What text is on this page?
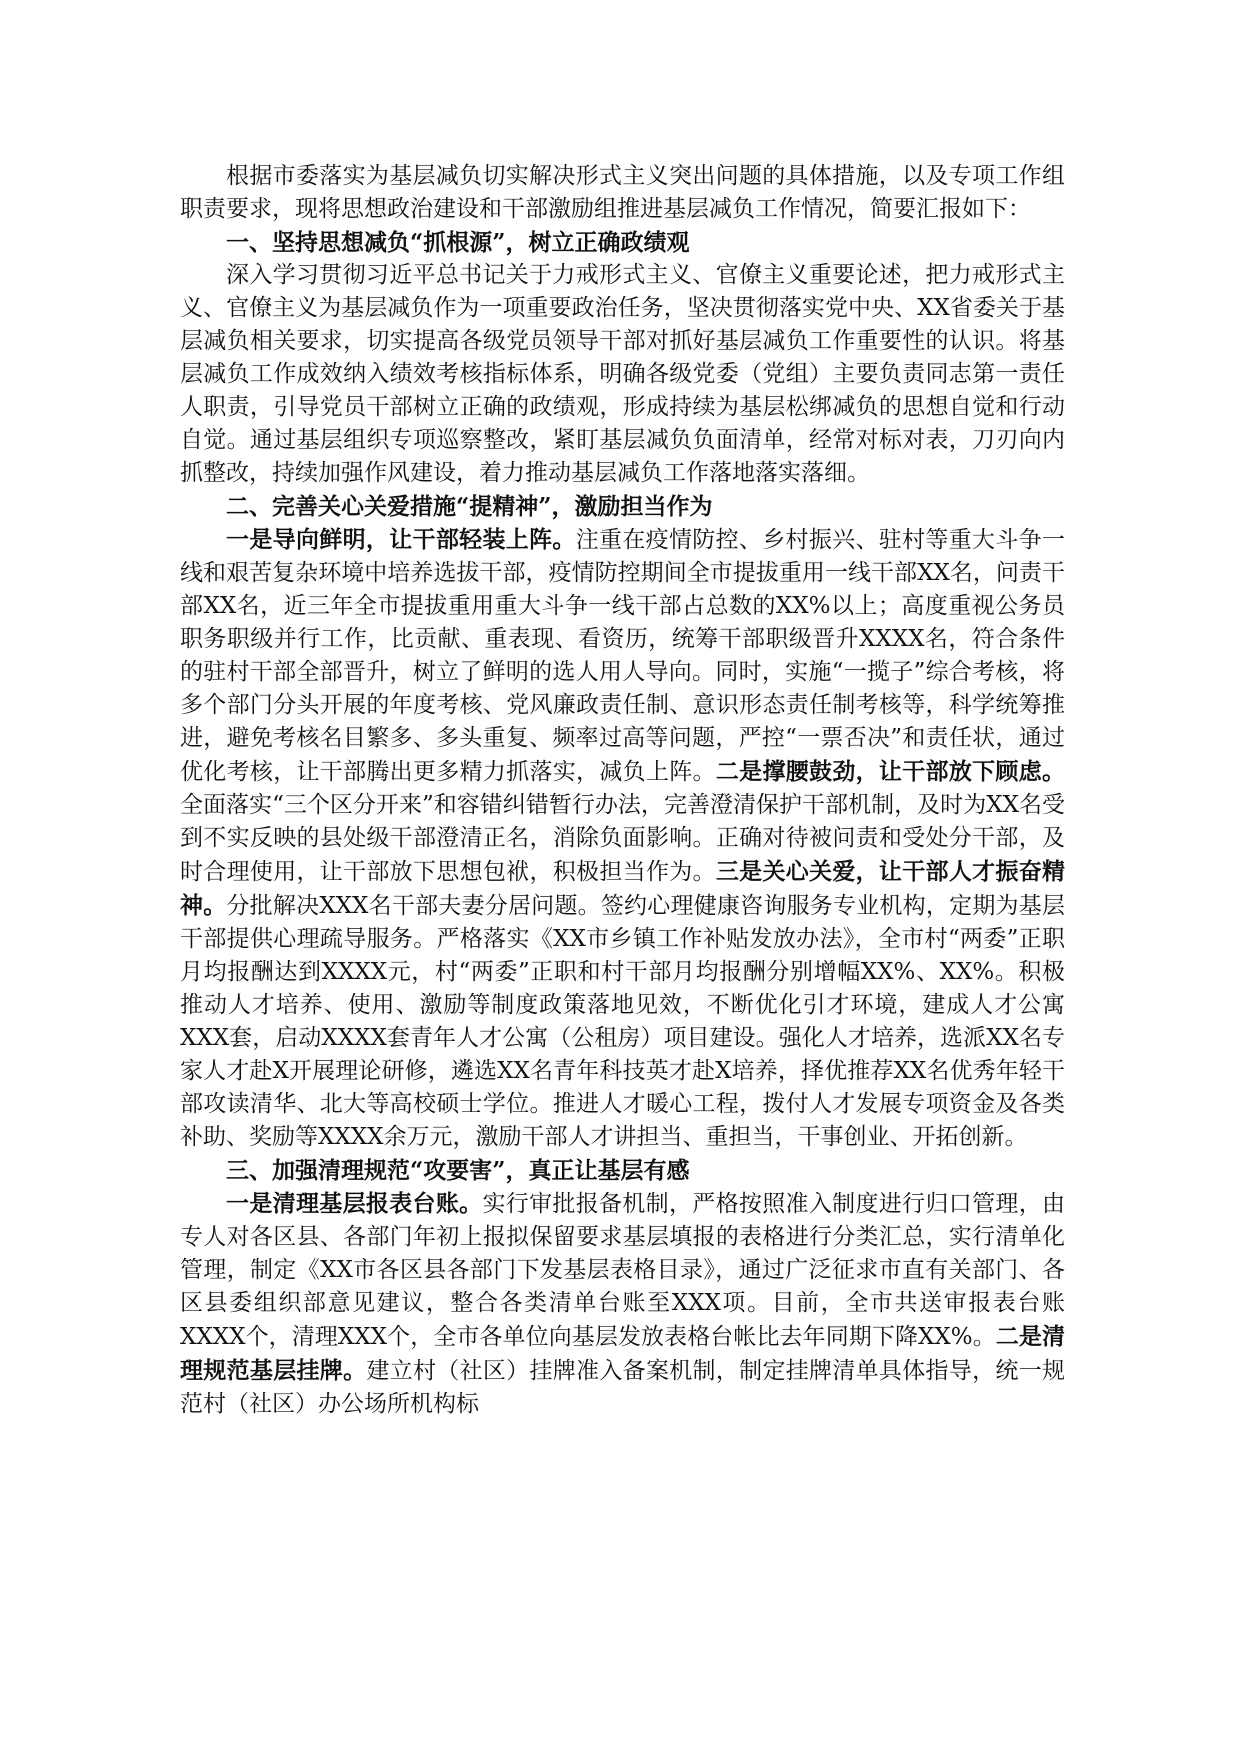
根据市委落实为基层减负切实解决形式主义突出问题的具体措施，以及专项工作组职责要求，现将思想政治建设和干部激励组推进基层减负工作情况，简要汇报如下：

一、坚持思想减负“抓根源”，树立正确政绩观

深入学习贯彻习近平总书记关于力戒形式主义、官僚主义重要论述，把力戒形式主义、官僚主义为基层减负作为一项重要政治任务，坚决贯彻落实党中央、XX省委关于基层减负相关要求，切实提高各级党员领导干部对抓好基层减负工作重要性的认识。将基层减负工作成效纳入绩效考核指标体系，明确各级党委（党组）主要负责同志第一责任人职责，引导党员干部树立正确的政绩观，形成持续为基层松绑减负的思想自觉和行动自觉。通过基层组织专项巡察整改，紧盯基层减负负面清单，经常对标对表，刀刃向内抓整改，持续加强作风建设，着力推动基层减负工作落地落实落细。

二、完善关心关爱措施“提精神”，激励担当作为

一是导向鲜明，让干部轻装上阵。注重在疫情防控、乡村振兴、驻村等重大斗争一线和艰苦复杂环境中培养选拔干部，疫情防控期间全市提拔重用一线干部XX名，问责干部XX名，近三年全市提拔重用重大斗争一线干部占总数的XX%以上；高度重视公务员职务职级并行工作，比贡献、重表现、看资历，统筹干部职级晋升XXXX名，符合条件的驻村干部全部晋升，树立了鲜明的选人用人导向。同时，实施“一揽子”综合考核，将多个部门分头开展的年度考核、党风廉政责任制、意识形态责任制考核等，科学统筹推进，避免考核名目繁多、多头重复、频率过高等问题，严控“一票否决”和责任状，通过优化考核，让干部腾出更多精力抓落实，减负上阵。二是撑腰鼓劲，让干部放下顾虑。全面落实“三个区分开来”和容错纠错暂行办法，完善澄清保护干部机制，及时为XX名受到不实反映的县处级干部澄清正名，消除负面影响。正确对待被问责和受处分干部，及时合理使用，让干部放下思想包袱，积极担当作为。三是关心关爱，让干部人才振奋精神。分批解决XXX名干部夫妻分居问题。签约心理健康咨询服务专业机构，定期为基层干部提供心理疏导服务。严格落实《XX市乡镇工作补贴发放办法》，全市村“两委”正职月均报酬达到XXXX元，村“两委”正职和村干部月均报酬分别增幅XX%、XX%。积极推动人才培养、使用、激励等制度政策落地见效，不断优化引才环境，建成人才公寓XXX套，启动XXXX套青年人才公寓（公租房）项目建设。强化人才培养，选派XX名专家人才赴X开展理论研修，遴选XX名青年科技英才赴X培养，择优推荐XX名优秀年轻干部攻读清华、北大等高校硕士学位。推进人才暖心工程，拨付人才发展专项资金及各类补助、奖励等XXXX余万元，激励干部人才讲担当、重担当，干事创业、开拓创新。

三、加强清理规范“攻要害”，真正让基层有感

一是清理基层报表台账。实行审批报备机制，严格按照准入制度进行归口管理，由专人对各区县、各部门年初上报拟保留要求基层填报的表格进行分类汇总，实行清单化管理，制定《XX市各区县各部门下发基层表格目录》，通过广泛征求市直有关部门、各区县委组织部意见建议，整合各类清单台账至XXX项。目前，全市共送审报表台账XXXX个，清理XXX个，全市各单位向基层发放表格台帐比去年同期下降XX%。二是清理规范基层挂牌。建立村（社区）挂牌准入备案机制，制定挂牌清单具体指导，统一规范村（社区）办公场所机构标
